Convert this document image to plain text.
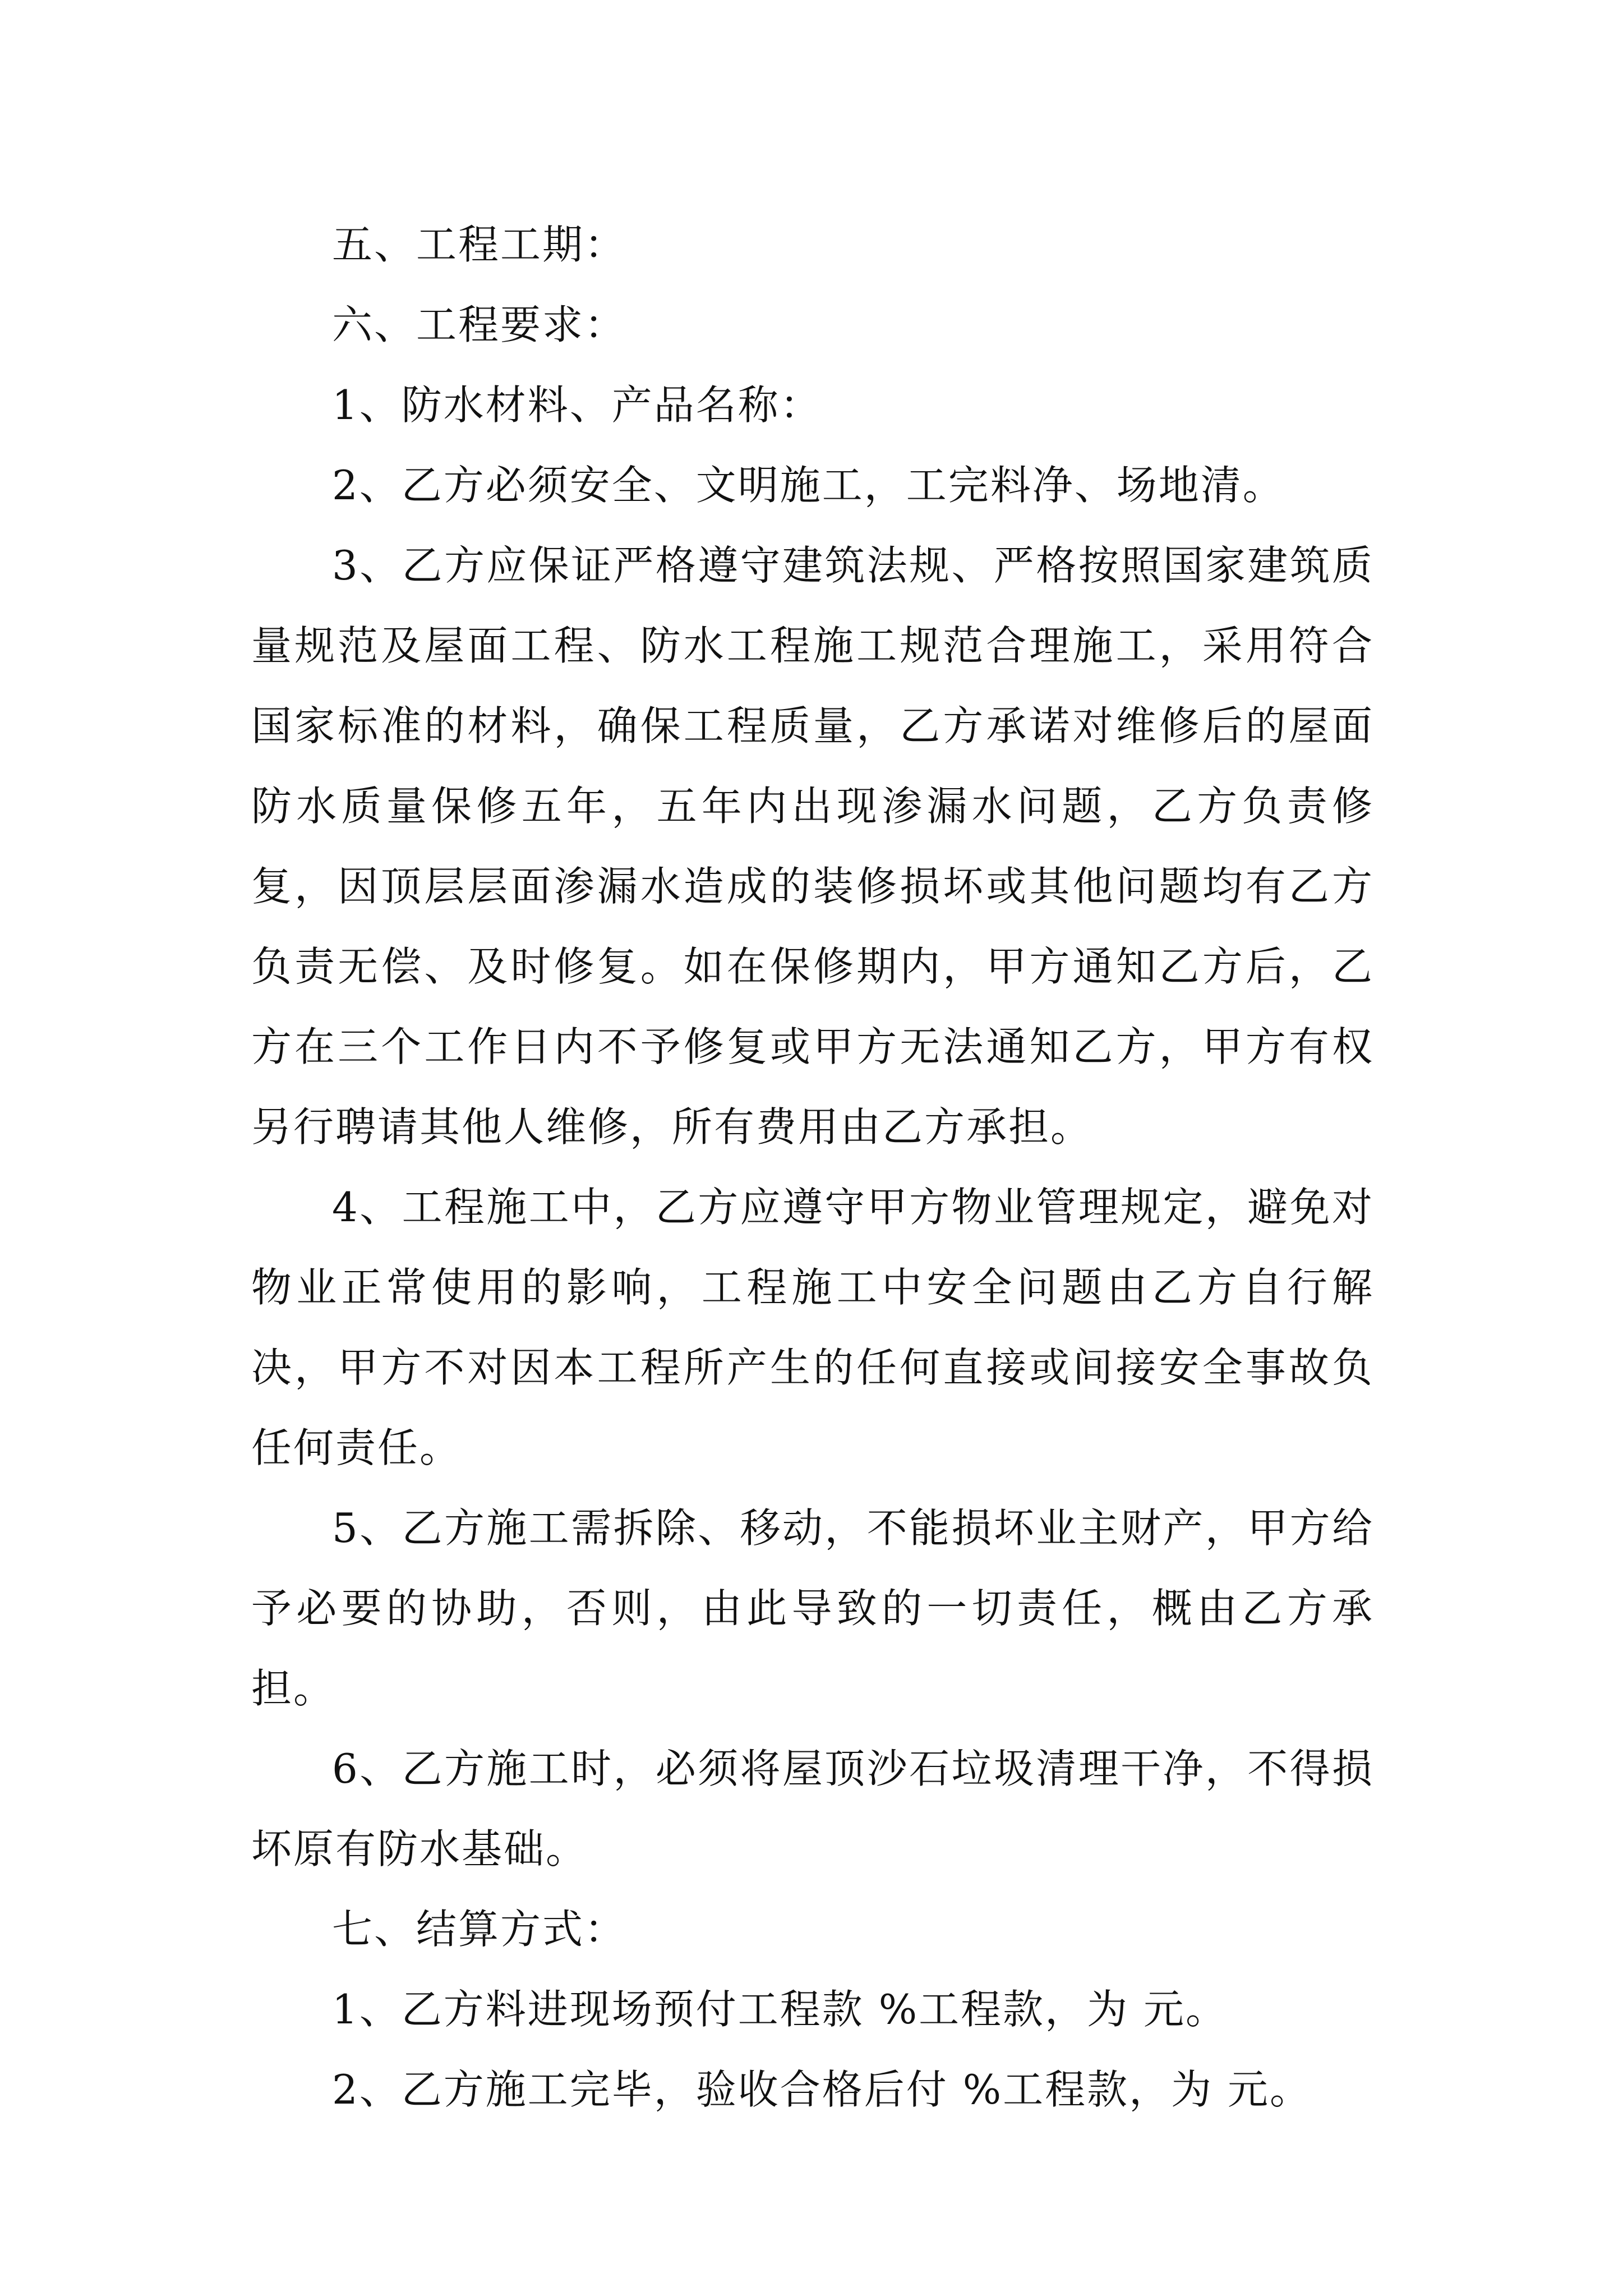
五、工程工期：

六、工程要求：

1、防水材料、产品名称：

2、乙方必须安全、文明施工，工完料净、场地清。

3、乙方应保证严格遵守建筑法规、严格按照国家建筑质量规范及屋面工程、防水工程施工规范合理施工，采用符合国家标准的材料，确保工程质量，乙方承诺对维修后的屋面防水质量保修五年，五年内出现渗漏水问题，乙方负责修复，因顶层层面渗漏水造成的装修损坏或其他问题均有乙方负责无偿、及时修复。如在保修期内，甲方通知乙方后，乙方在三个工作日内不予修复或甲方无法通知乙方，甲方有权另行聘请其他人维修，所有费用由乙方承担。

4、工程施工中，乙方应遵守甲方物业管理规定，避免对物业正常使用的影响，工程施工中安全问题由乙方自行解决，甲方不对因本工程所产生的任何直接或间接安全事故负任何责任。

5、乙方施工需拆除、移动，不能损坏业主财产，甲方给予必要的协助，否则，由此导致的一切责任，概由乙方承担。

6、乙方施工时，必须将屋顶沙石垃圾清理干净，不得损坏原有防水基础。

七、结算方式：

1、乙方料进现场预付工程款 %工程款，为 元。

2、乙方施工完毕，验收合格后付 %工程款，为 元。
